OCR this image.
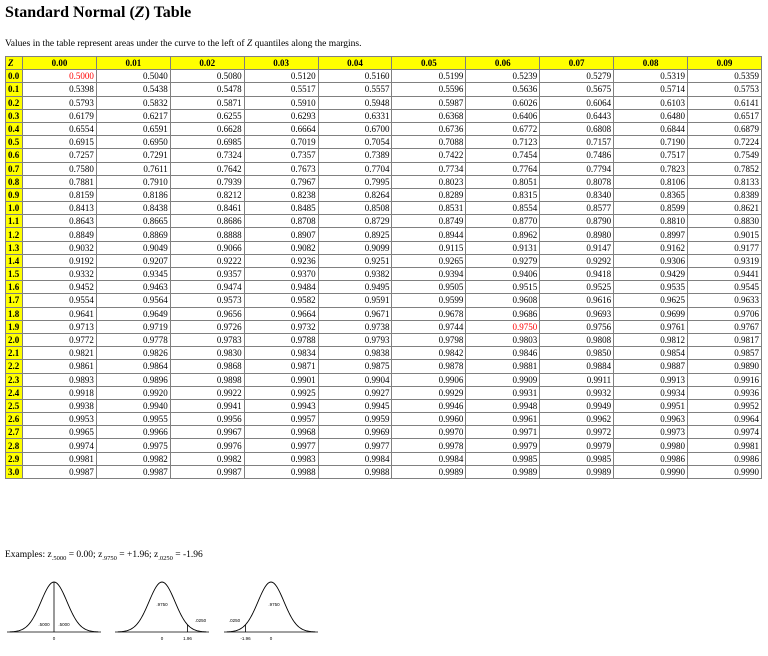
Standard Normal (Z) Table

Values in the table represent areas under the curve to the left of Z quantiles along the margins.

Z	0.00	0.01	0.02	0.03	0.04	0.05	0.06	0.07	0.08	0.09
0.0	0.5000	0.5040	0.5080	0.5120	0.5160	0.5199	0.5239	0.5279	0.5319	0.5359
0.1	0.5398	0.5438	0.5478	0.5517	0.5557	0.5596	0.5636	0.5675	0.5714	0.5753
0.2	0.5793	0.5832	0.5871	0.5910	0.5948	0.5987	0.6026	0.6064	0.6103	0.6141
0.3	0.6179	0.6217	0.6255	0.6293	0.6331	0.6368	0.6406	0.6443	0.6480	0.6517
0.4	0.6554	0.6591	0.6628	0.6664	0.6700	0.6736	0.6772	0.6808	0.6844	0.6879
0.5	0.6915	0.6950	0.6985	0.7019	0.7054	0.7088	0.7123	0.7157	0.7190	0.7224
0.6	0.7257	0.7291	0.7324	0.7357	0.7389	0.7422	0.7454	0.7486	0.7517	0.7549
0.7	0.7580	0.7611	0.7642	0.7673	0.7704	0.7734	0.7764	0.7794	0.7823	0.7852
0.8	0.7881	0.7910	0.7939	0.7967	0.7995	0.8023	0.8051	0.8078	0.8106	0.8133
0.9	0.8159	0.8186	0.8212	0.8238	0.8264	0.8289	0.8315	0.8340	0.8365	0.8389
1.0	0.8413	0.8438	0.8461	0.8485	0.8508	0.8531	0.8554	0.8577	0.8599	0.8621
1.1	0.8643	0.8665	0.8686	0.8708	0.8729	0.8749	0.8770	0.8790	0.8810	0.8830
1.2	0.8849	0.8869	0.8888	0.8907	0.8925	0.8944	0.8962	0.8980	0.8997	0.9015
1.3	0.9032	0.9049	0.9066	0.9082	0.9099	0.9115	0.9131	0.9147	0.9162	0.9177
1.4	0.9192	0.9207	0.9222	0.9236	0.9251	0.9265	0.9279	0.9292	0.9306	0.9319
1.5	0.9332	0.9345	0.9357	0.9370	0.9382	0.9394	0.9406	0.9418	0.9429	0.9441
1.6	0.9452	0.9463	0.9474	0.9484	0.9495	0.9505	0.9515	0.9525	0.9535	0.9545
1.7	0.9554	0.9564	0.9573	0.9582	0.9591	0.9599	0.9608	0.9616	0.9625	0.9633
1.8	0.9641	0.9649	0.9656	0.9664	0.9671	0.9678	0.9686	0.9693	0.9699	0.9706
1.9	0.9713	0.9719	0.9726	0.9732	0.9738	0.9744	0.9750	0.9756	0.9761	0.9767
2.0	0.9772	0.9778	0.9783	0.9788	0.9793	0.9798	0.9803	0.9808	0.9812	0.9817
2.1	0.9821	0.9826	0.9830	0.9834	0.9838	0.9842	0.9846	0.9850	0.9854	0.9857
2.2	0.9861	0.9864	0.9868	0.9871	0.9875	0.9878	0.9881	0.9884	0.9887	0.9890
2.3	0.9893	0.9896	0.9898	0.9901	0.9904	0.9906	0.9909	0.9911	0.9913	0.9916
2.4	0.9918	0.9920	0.9922	0.9925	0.9927	0.9929	0.9931	0.9932	0.9934	0.9936
2.5	0.9938	0.9940	0.9941	0.9943	0.9945	0.9946	0.9948	0.9949	0.9951	0.9952
2.6	0.9953	0.9955	0.9956	0.9957	0.9959	0.9960	0.9961	0.9962	0.9963	0.9964
2.7	0.9965	0.9966	0.9967	0.9968	0.9969	0.9970	0.9971	0.9972	0.9973	0.9974
2.8	0.9974	0.9975	0.9976	0.9977	0.9977	0.9978	0.9979	0.9979	0.9980	0.9981
2.9	0.9981	0.9982	0.9982	0.9983	0.9984	0.9984	0.9985	0.9985	0.9986	0.9986
3.0	0.9987	0.9987	0.9987	0.9988	0.9988	0.9989	0.9989	0.9989	0.9990	0.9990

Examples: $z_{.5000} = 0.00$; $z_{.9750} = +1.96$; $z_{.0250} = -1.96$

.5000 .5000
0
.9750
.0250
0	1.96
.0250
.9750
-1.96	0
